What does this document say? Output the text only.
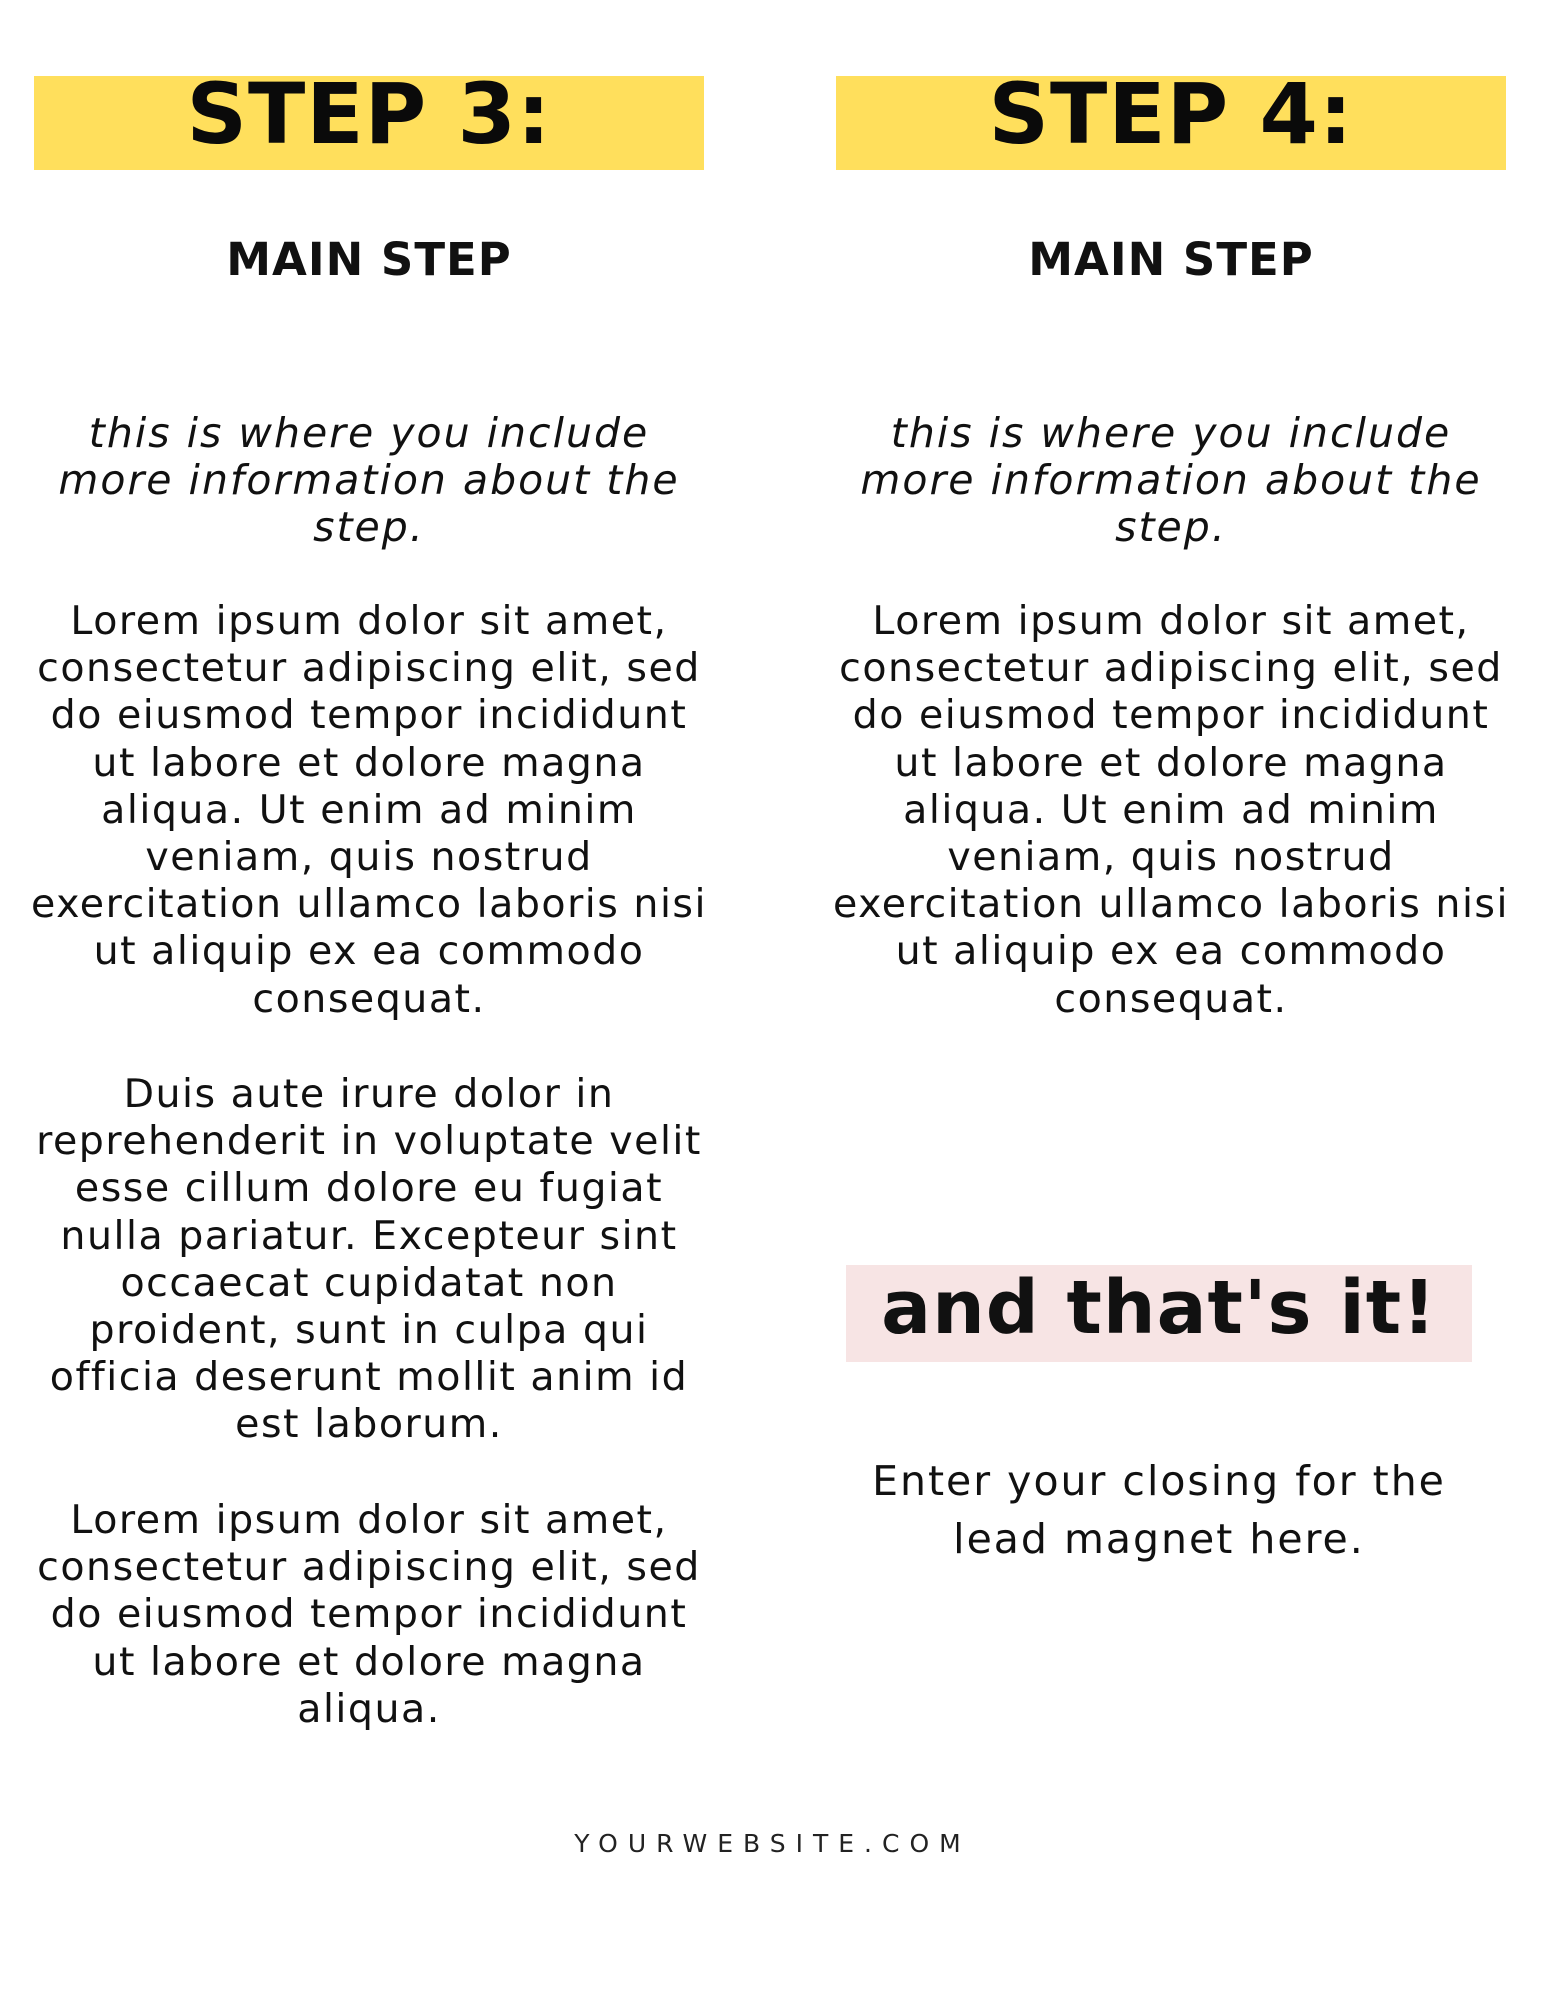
STEP 3:
MAIN STEP

this is where you include more information about the step.

Lorem ipsum dolor sit amet, consectetur adipiscing elit, sed do eiusmod tempor incididunt ut labore et dolore magna aliqua. Ut enim ad minim veniam, quis nostrud exercitation ullamco laboris nisi ut aliquip ex ea commodo consequat.

Duis aute irure dolor in reprehenderit in voluptate velit esse cillum dolore eu fugiat nulla pariatur. Excepteur sint occaecat cupidatat non proident, sunt in culpa qui officia deserunt mollit anim id est laborum.

Lorem ipsum dolor sit amet, consectetur adipiscing elit, sed do eiusmod tempor incididunt ut labore et dolore magna aliqua.

STEP 4:
MAIN STEP

this is where you include more information about the step.

Lorem ipsum dolor sit amet, consectetur adipiscing elit, sed do eiusmod tempor incididunt ut labore et dolore magna aliqua. Ut enim ad minim veniam, quis nostrud exercitation ullamco laboris nisi ut aliquip ex ea commodo consequat.

and that's it!

Enter your closing for the lead magnet here.

YOURWEBSITE.COM
